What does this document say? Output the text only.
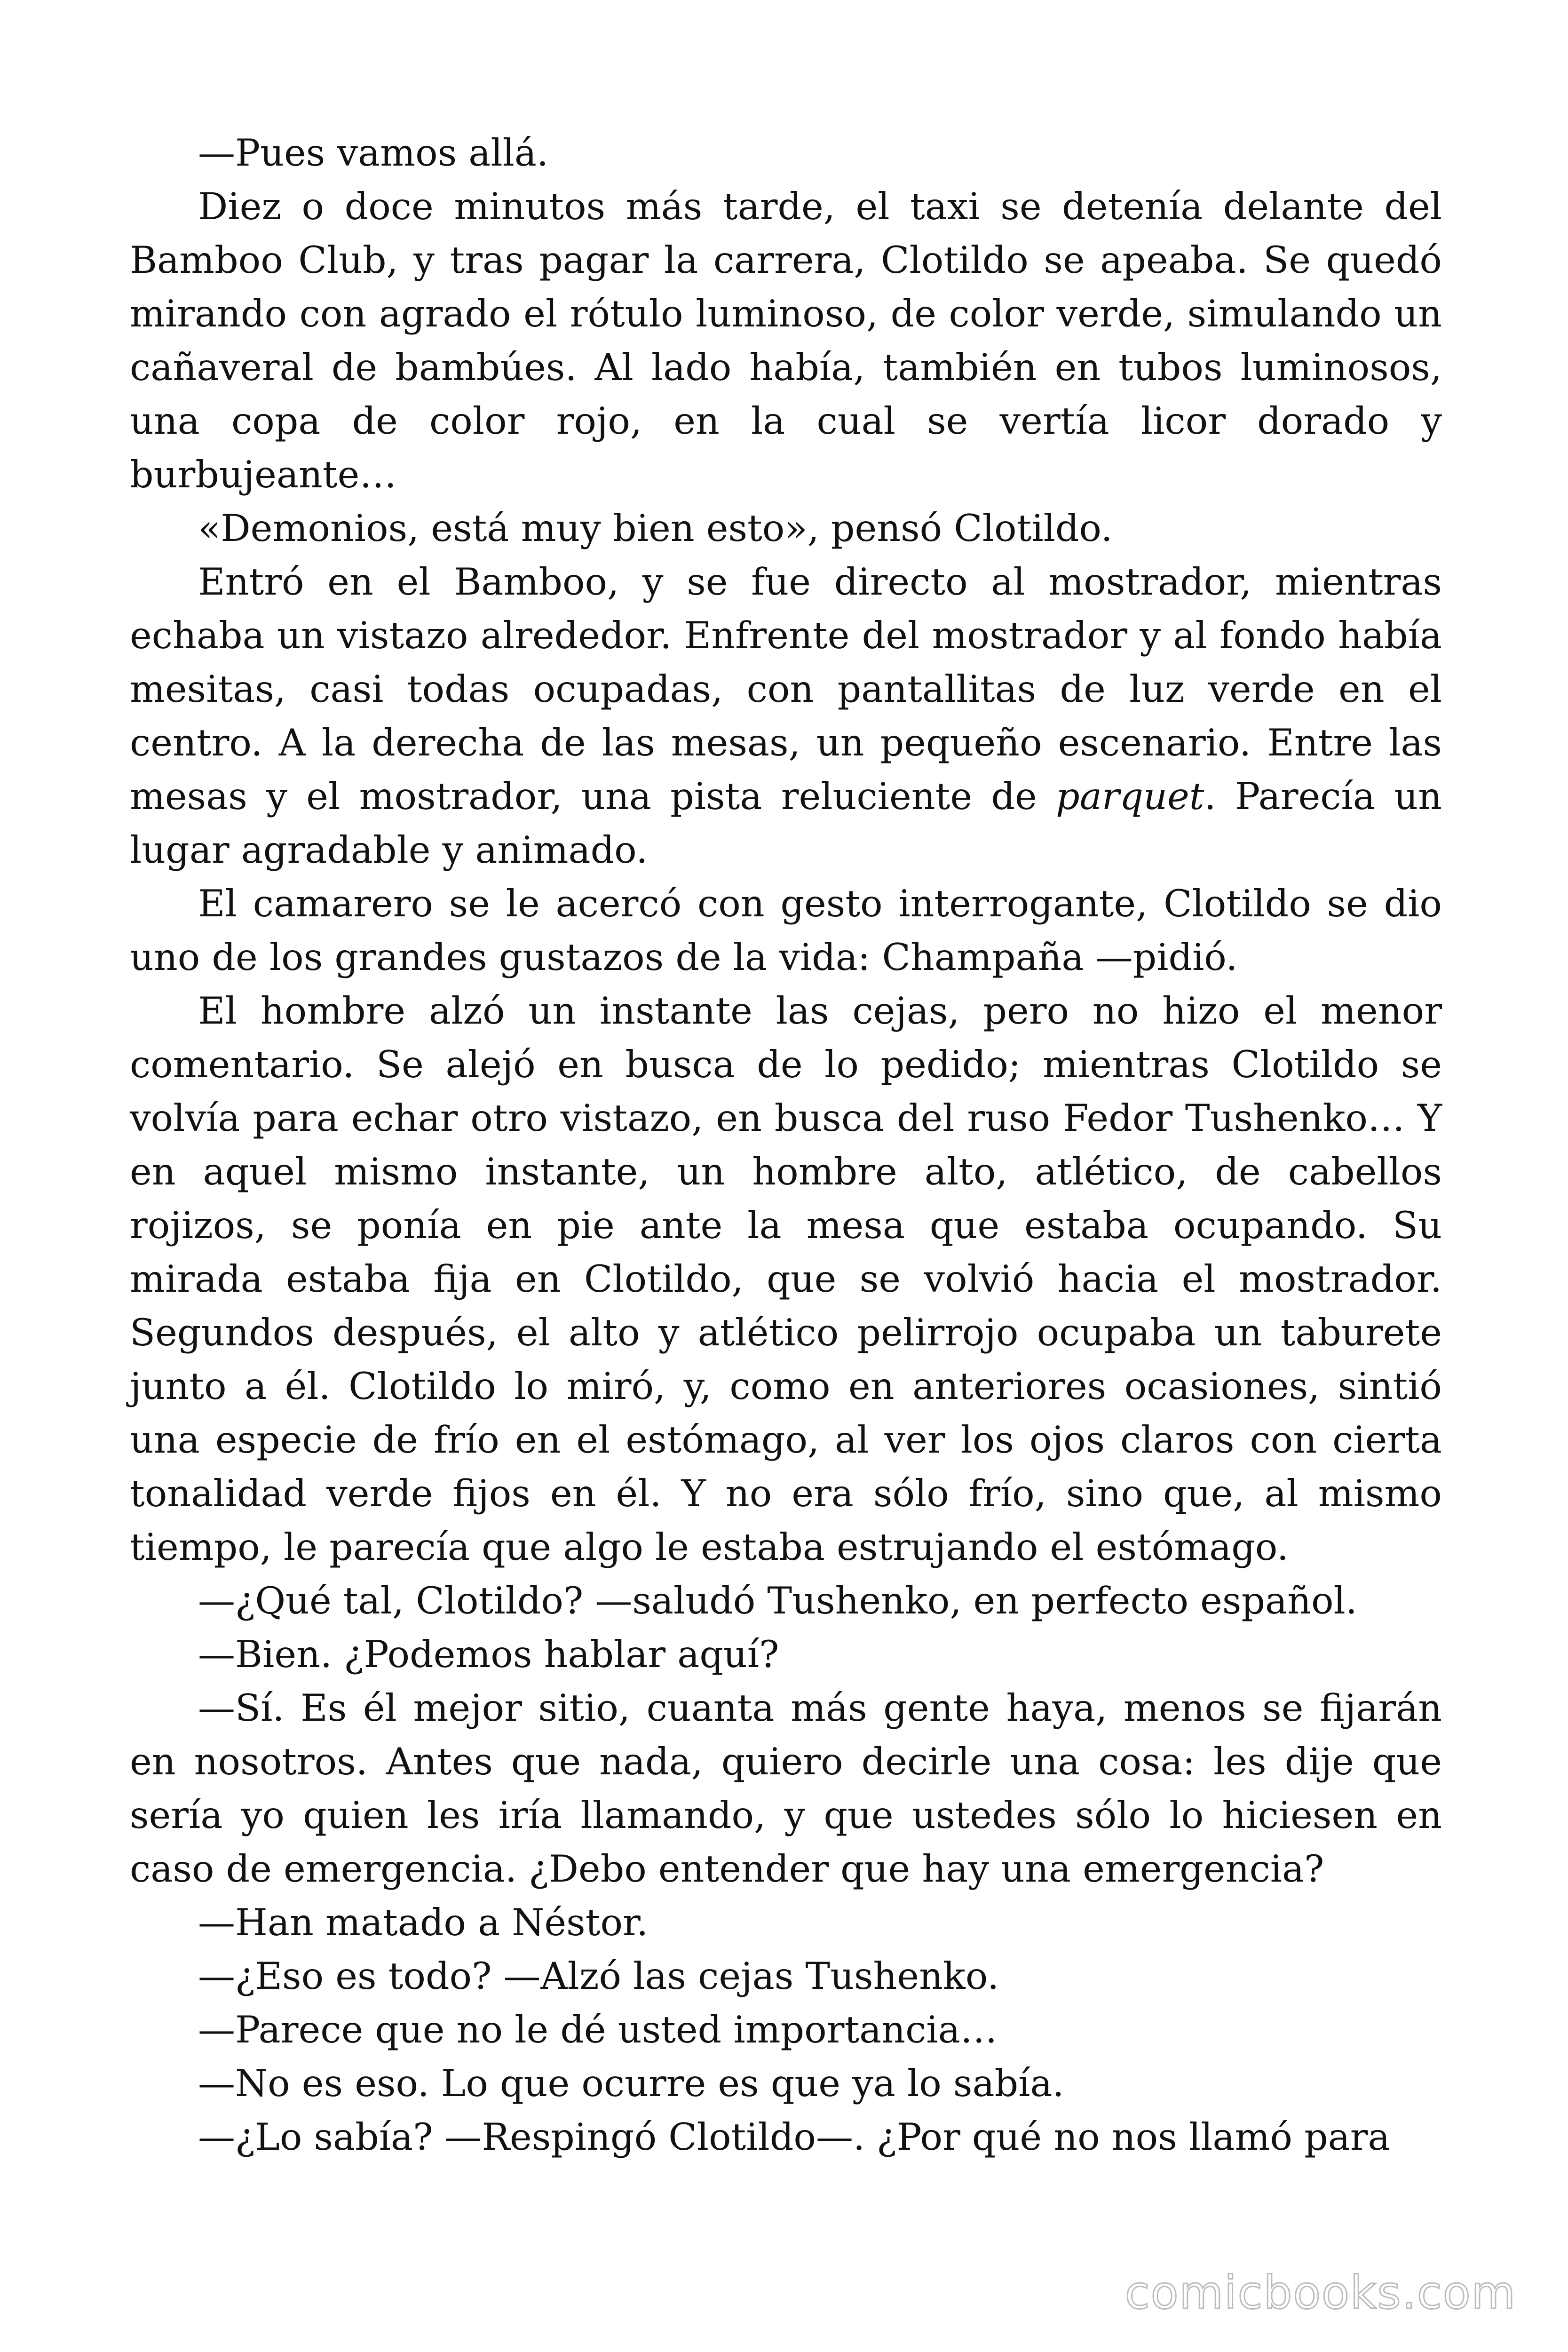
—Pues vamos allá.

Diez o doce minutos más tarde, el taxi se detenía delante del Bamboo Club, y tras pagar la carrera, Clotildo se apeaba. Se quedó mirando con agrado el rótulo luminoso, de color verde, simulando un cañaveral de bambúes. Al lado había, también en tubos luminosos, una copa de color rojo, en la cual se vertía licor dorado y burbujeante…

«Demonios, está muy bien esto», pensó Clotildo.

Entró en el Bamboo, y se fue directo al mostrador, mientras echaba un vistazo alrededor. Enfrente del mostrador y al fondo había mesitas, casi todas ocupadas, con pantallitas de luz verde en el centro. A la derecha de las mesas, un pequeño escenario. Entre las mesas y el mostrador, una pista reluciente de parquet. Parecía un lugar agradable y animado.

El camarero se le acercó con gesto interrogante, Clotildo se dio uno de los grandes gustazos de la vida: Champaña —pidió.

El hombre alzó un instante las cejas, pero no hizo el menor comentario. Se alejó en busca de lo pedido; mientras Clotildo se volvía para echar otro vistazo, en busca del ruso Fedor Tushenko… Y en aquel mismo instante, un hombre alto, atlético, de cabellos rojizos, se ponía en pie ante la mesa que estaba ocupando. Su mirada estaba fija en Clotildo, que se volvió hacia el mostrador. Segundos después, el alto y atlético pelirrojo ocupaba un taburete junto a él. Clotildo lo miró, y, como en anteriores ocasiones, sintió una especie de frío en el estómago, al ver los ojos claros con cierta tonalidad verde fijos en él. Y no era sólo frío, sino que, al mismo tiempo, le parecía que algo le estaba estrujando el estómago.

—¿Qué tal, Clotildo? —saludó Tushenko, en perfecto español.

—Bien. ¿Podemos hablar aquí?

—Sí. Es él mejor sitio, cuanta más gente haya, menos se fijarán en nosotros. Antes que nada, quiero decirle una cosa: les dije que sería yo quien les iría llamando, y que ustedes sólo lo hiciesen en caso de emergencia. ¿Debo entender que hay una emergencia?

—Han matado a Néstor.

—¿Eso es todo? —Alzó las cejas Tushenko.

—Parece que no le dé usted importancia…

—No es eso. Lo que ocurre es que ya lo sabía.

—¿Lo sabía? —Respingó Clotildo—. ¿Por qué no nos llamó para

comicbooks.com
